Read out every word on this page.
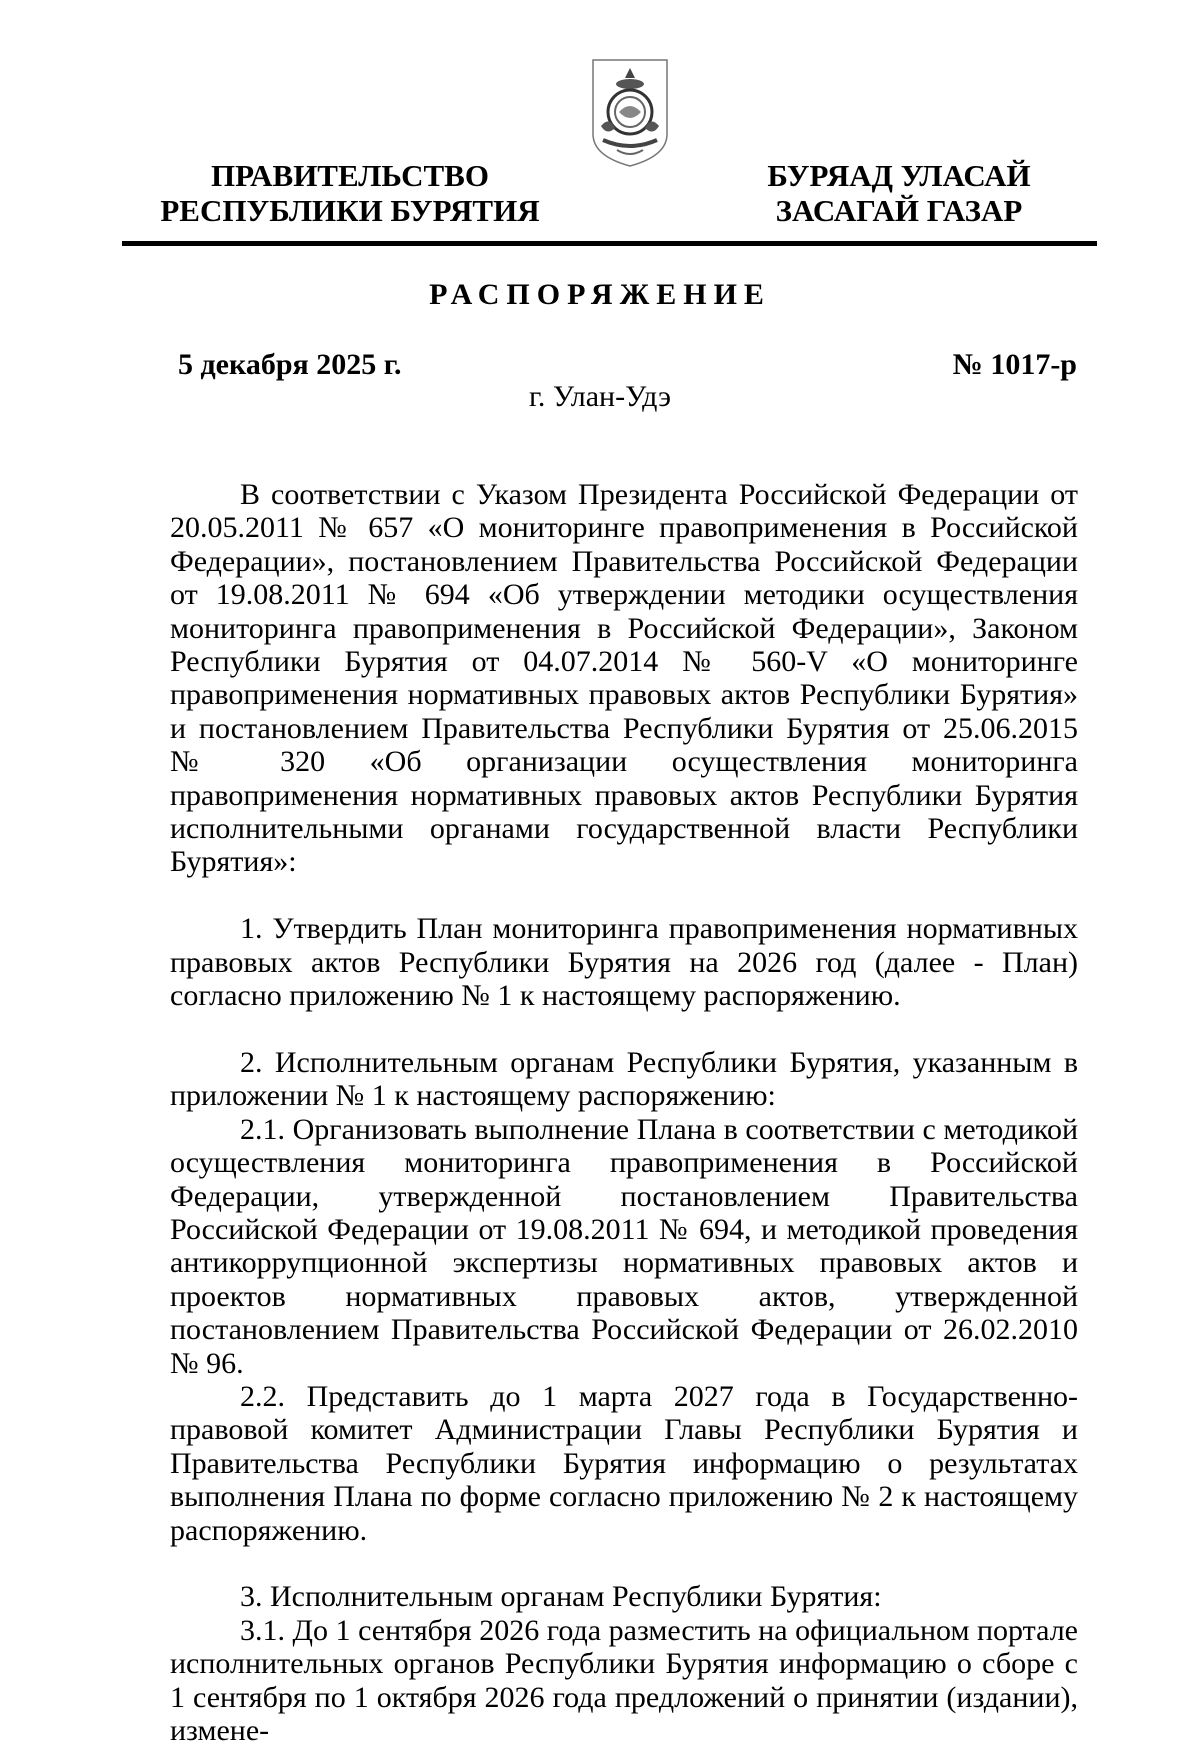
ПРАВИТЕЛЬСТВО
РЕСПУБЛИКИ БУРЯТИЯ
БУРЯАД УЛАСАЙ
ЗАСАГАЙ ГАЗАР
РАСПОРЯЖЕНИЕ
5 декабря 2025 г.	№ 1017-р
г. Улан-Удэ

В соответствии с Указом Президента Российской Федерации от 20.05.2011 № 657 «О мониторинге правоприменения в Российской Федерации», постановлением Правительства Российской Федерации от 19.08.2011 № 694 «Об утверждении методики осуществления мониторинга правоприменения в Российской Федерации», Законом Республики Бурятия от 04.07.2014 № 560-V «О мониторинге правоприменения нормативных правовых актов Республики Бурятия» и постановлением Правительства Республики Бурятия от 25.06.2015 № 320 «Об организации осуществления мониторинга правоприменения нормативных правовых актов Республики Бурятия исполнительными органами государственной власти Республики Бурятия»:

1. Утвердить План мониторинга правоприменения нормативных правовых актов Республики Бурятия на 2026 год (далее - План) согласно приложению № 1 к настоящему распоряжению.

2. Исполнительным органам Республики Бурятия, указанным в приложении № 1 к настоящему распоряжению:

2.1. Организовать выполнение Плана в соответствии с методикой осуществления мониторинга правоприменения в Российской Федерации, утвержденной постановлением Правительства Российской Федерации от 19.08.2011 № 694, и методикой проведения антикоррупционной экспертизы нормативных правовых актов и проектов нормативных правовых актов, утвержденной постановлением Правительства Российской Федерации от 26.02.2010 № 96.

2.2. Представить до 1 марта 2027 года в Государственно-правовой комитет Администрации Главы Республики Бурятия и Правительства Республики Бурятия информацию о результатах выполнения Плана по форме согласно приложению № 2 к настоящему распоряжению.

3. Исполнительным органам Республики Бурятия:

3.1. До 1 сентября 2026 года разместить на официальном портале исполнительных органов Республики Бурятия информацию о сборе с 1 сентября по 1 октября 2026 года предложений о принятии (издании), измене-
